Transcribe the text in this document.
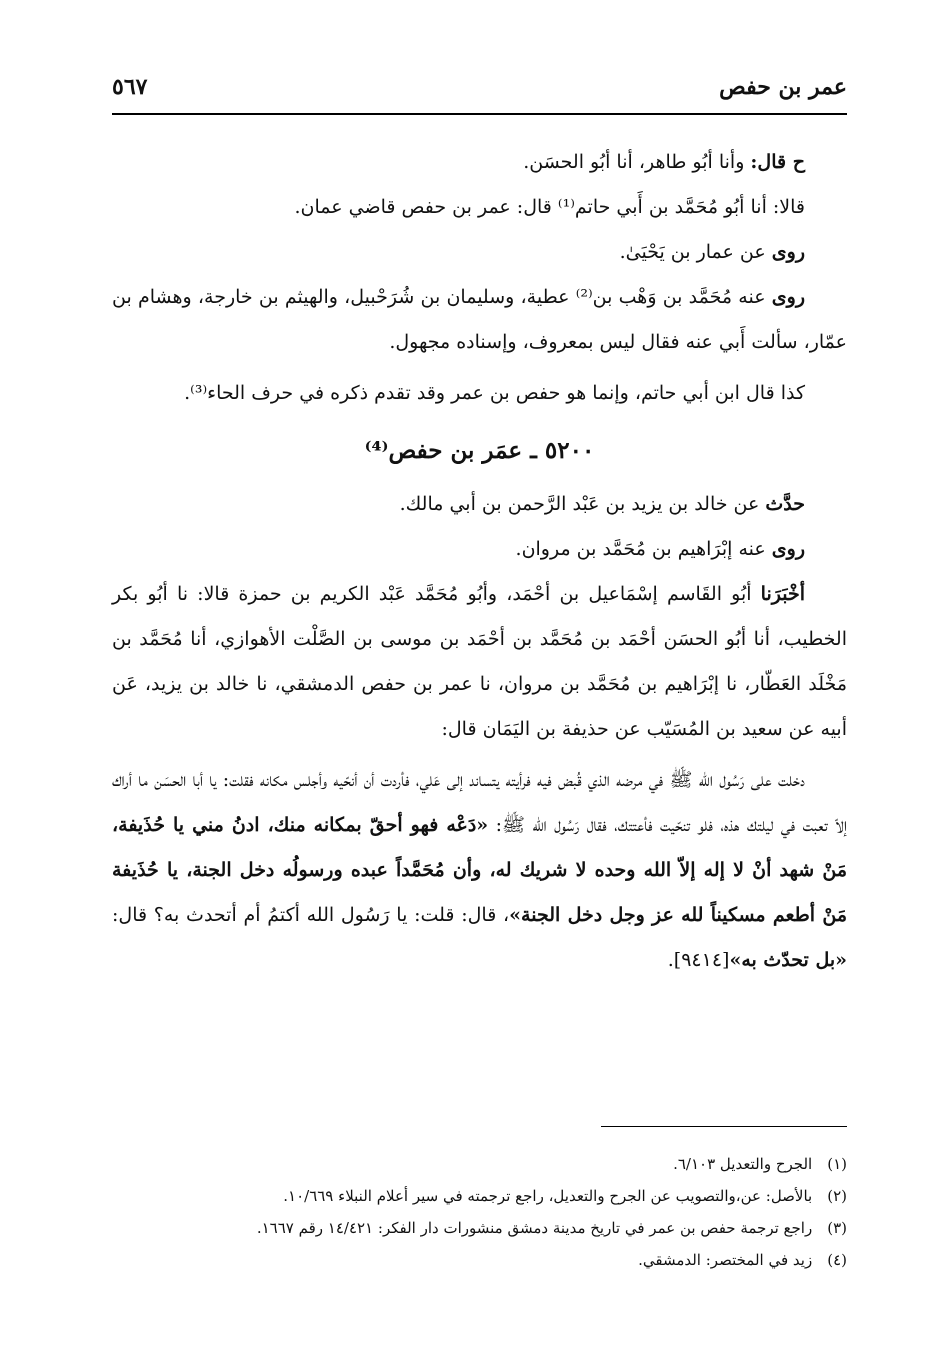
عمر بن حفص
٥٦٧

ح قال: وأنا أبُو طاهر، أنا أبُو الحسَن.

قالا: أنا أبُو مُحَمَّد بن أَبي حاتم⁽¹⁾ قال: عمر بن حفص قاضي عمان.

روى عن عمار بن يَحْيَىٰ.

روى عنه مُحَمَّد بن وَهْب بن⁽²⁾ عطية، وسليمان بن شُرَحْبيل، والهيثم بن خارجة، وهشام بن عمّار، سألت أَبي عنه فقال ليس بمعروف، وإسناده مجهول.

كذا قال ابن أبي حاتم، وإنما هو حفص بن عمر وقد تقدم ذكره في حرف الحاء⁽³⁾.

٥٢٠٠ ـ عمَر بن حفص⁽⁴⁾

حدَّث عن خالد بن يزيد بن عَبْد الرَّحمن بن أبي مالك.

روى عنه إبْرَاهيم بن مُحَمَّد بن مروان.

أخْبَرَنا أبُو القَاسم إسْمَاعيل بن أحْمَد، وأبُو مُحَمَّد عَبْد الكريم بن حمزة قالا: نا أبُو بكر الخطيب، أنا أبُو الحسَن أحْمَد بن مُحَمَّد بن أحْمَد بن موسى بن الصَّلْت الأهوازي، أنا مُحَمَّد بن مَخْلَد العَطّار، نا إبْرَاهيم بن مُحَمَّد بن مروان، نا عمر بن حفص الدمشقي، نا خالد بن يزيد، عَن أبيه عن سعيد بن المُسَيّب عن حذيفة بن اليَمَان قال:

دخلت على رَسُول الله ﷺ في مرضه الذي قُبض فيه فرأيته يتساند إلى عَلي، فأردت أن أنحّيه وأجلس مكانه فقلت: يا أبا الحسَن ما أراك إلاّ تعبت في ليلتك هذه، فلو تنحّيت فأعتتك، فقال رَسُول الله ﷺ: «دَعْه فهو أحقّ بمكانه منك، ادنُ مني يا حُذَيفة، مَنْ شهد أنْ لا إله إلاّ الله وحده لا شريك له، وأن مُحَمَّداً عبده ورسولُه دخل الجنة، يا حُذَيفة مَنْ أطعم مسكيناً لله عز وجل دخل الجنة»، قال: قلت: يا رَسُول الله أكتمُ أم أتحدث به؟ قال: «بل تحدّث به»[٩٤١٤].

(١) الجرح والتعديل ٦/١٠٣.
(٢) بالأصل: عن،والتصويب عن الجرح والتعديل، راجع ترجمته في سير أعلام النبلاء ١٠/٦٦٩.
(٣) راجع ترجمة حفص بن عمر في تاريخ مدينة دمشق منشورات دار الفكر: ١٤/٤٢١ رقم ١٦٦٧.
(٤) زيد في المختصر: الدمشقي.
